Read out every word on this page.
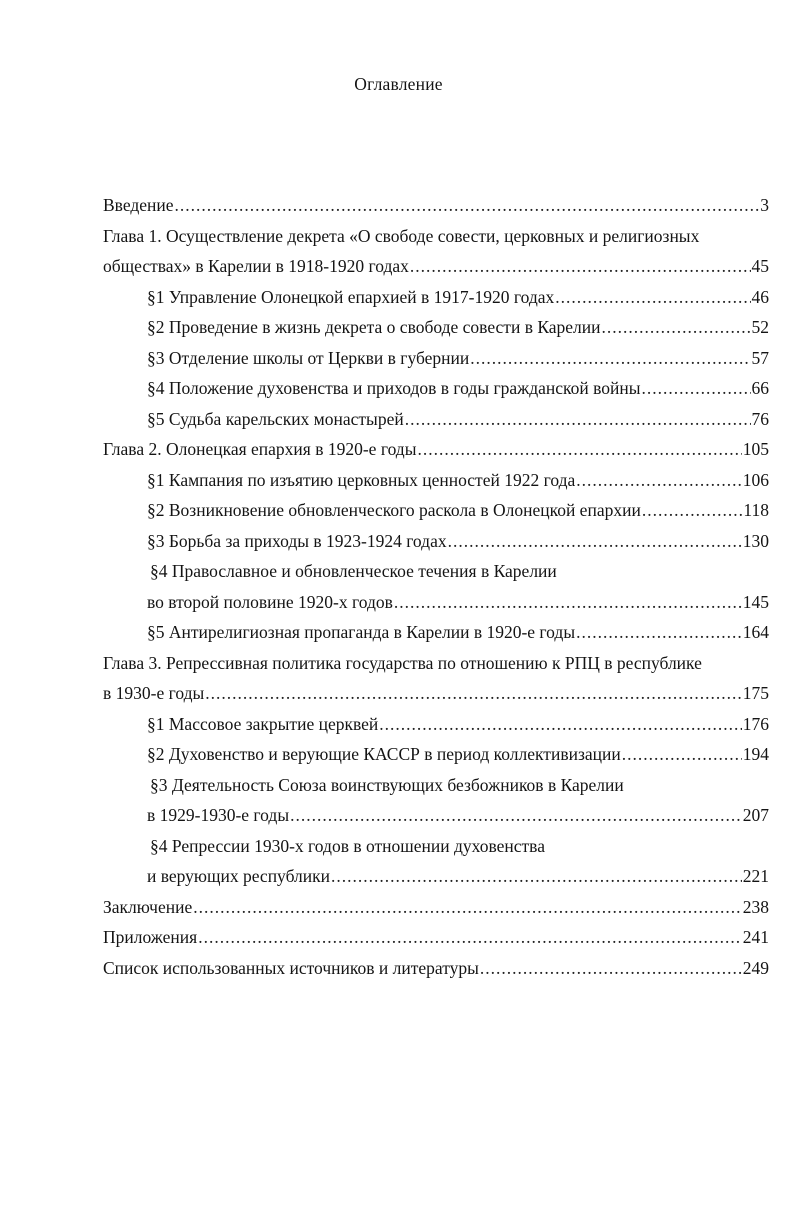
Оглавление
Введение .....	3
Глава 1. Осуществление декрета «О свободе совести, церковных и религиозных
обществах» в Карелии в 1918-1920 годах .....	45
§1 Управление Олонецкой епархией в 1917-1920 годах .....	46
§2 Проведение в жизнь декрета о свободе совести в Карелии .....	52
§3 Отделение школы от Церкви в губернии .....	57
§4 Положение духовенства и приходов в годы гражданской войны .....	66
§5 Судьба карельских монастырей .....	76
Глава 2. Олонецкая епархия в 1920-е годы .....	105
§1 Кампания по изъятию церковных ценностей 1922 года .....	106
§2 Возникновение обновленческого раскола в Олонецкой епархии .....	118
§3 Борьба за приходы в 1923-1924 годах .....	130
§4 Православное и обновленческое течения в Карелии
во второй половине 1920-х годов .....	145
§5 Антирелигиозная пропаганда в Карелии в 1920-е годы .....	164
Глава 3. Репрессивная политика государства по отношению к РПЦ в республике
в 1930-е годы .....	175
§1 Массовое закрытие церквей .....	176
§2 Духовенство и верующие КАССР в период коллективизации .....	194
§3 Деятельность Союза воинствующих безбожников в Карелии
в 1929-1930-е годы .....	207
§4 Репрессии 1930-х годов в отношении духовенства
и верующих республики .....	221
Заключение .....	238
Приложения .....	241
Список использованных источников и литературы .....	249
